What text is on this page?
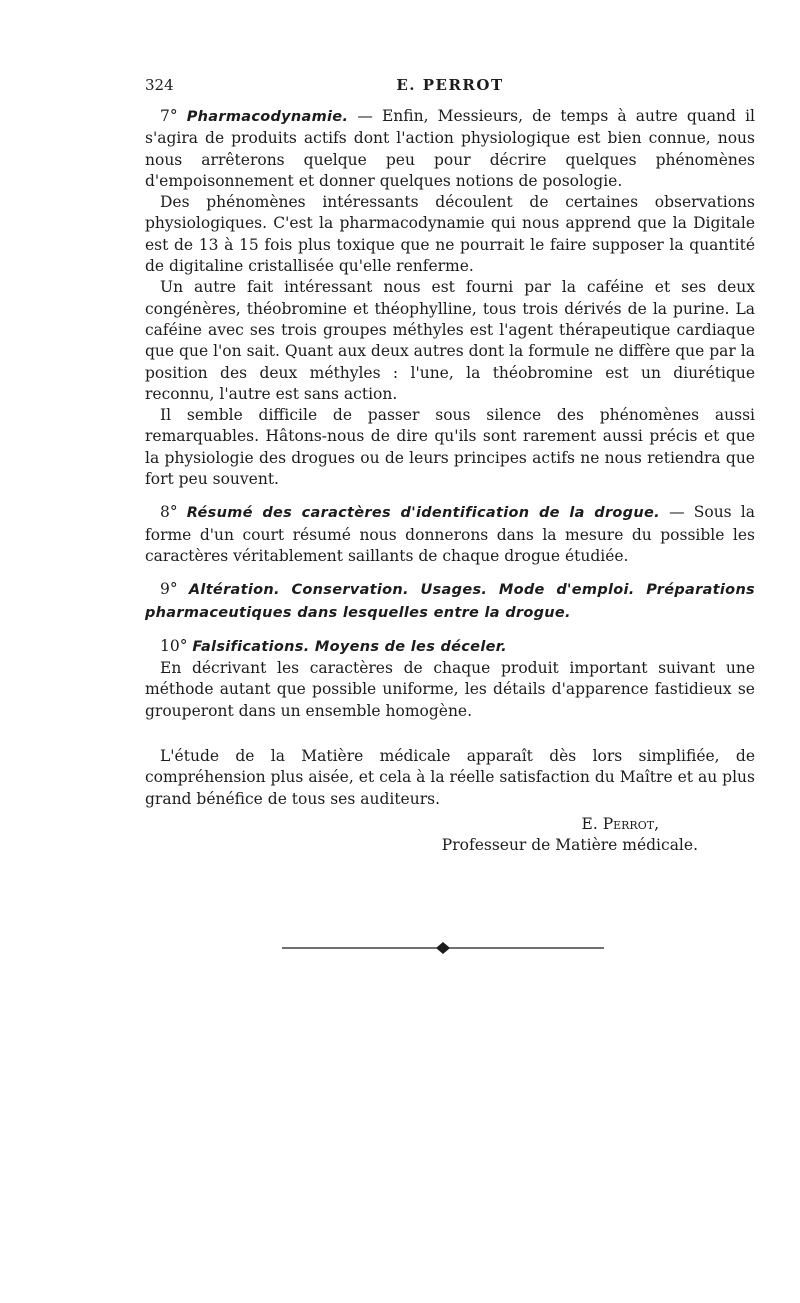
324	E. PERROT

7° Pharmacodynamie. — Enfin, Messieurs, de temps à autre quand il s'agira de produits actifs dont l'action physiologique est bien connue, nous nous arrêterons quelque peu pour décrire quelques phénomènes d'empoisonnement et donner quelques notions de posologie.

Des phénomènes intéressants découlent de certaines observations physiologiques. C'est la pharmacodynamie qui nous apprend que la Digitale est de 13 à 15 fois plus toxique que ne pourrait le faire supposer la quantité de digitaline cristallisée qu'elle renferme.

Un autre fait intéressant nous est fourni par la caféine et ses deux congénères, théobromine et théophylline, tous trois dérivés de la purine. La caféine avec ses trois groupes méthyles est l'agent thérapeutique cardiaque que que l'on sait. Quant aux deux autres dont la formule ne diffère que par la position des deux méthyles : l'une, la théobromine est un diurétique reconnu, l'autre est sans action.

Il semble difficile de passer sous silence des phénomènes aussi remarquables. Hâtons-nous de dire qu'ils sont rarement aussi précis et que la physiologie des drogues ou de leurs principes actifs ne nous retiendra que fort peu souvent.

8° Résumé des caractères d'identification de la drogue. — Sous la forme d'un court résumé nous donnerons dans la mesure du possible les caractères véritablement saillants de chaque drogue étudiée.

9° Altération. Conservation. Usages. Mode d'emploi. Préparations pharmaceutiques dans lesquelles entre la drogue.

10° Falsifications. Moyens de les déceler.

En décrivant les caractères de chaque produit important suivant une méthode autant que possible uniforme, les détails d'apparence fastidieux se grouperont dans un ensemble homogène.

L'étude de la Matière médicale apparaît dès lors simplifiée, de compréhension plus aisée, et cela à la réelle satisfaction du Maître et au plus grand bénéfice de tous ses auditeurs.

E. Perrot,
Professeur de Matière médicale.
